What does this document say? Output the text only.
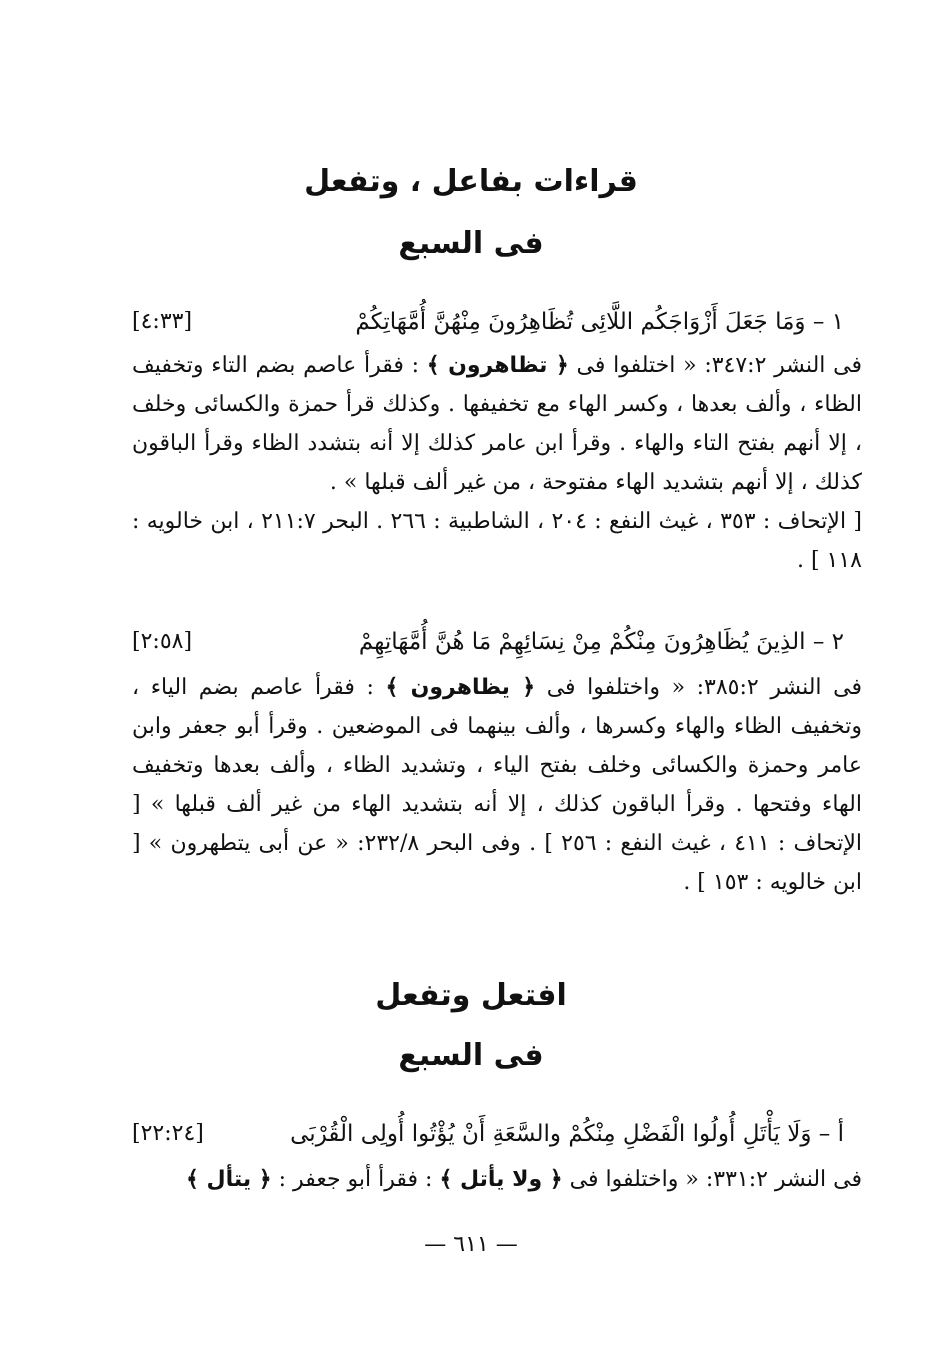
قراءات بفاعل ، وتفعل
فى السبع
١ – وَمَا جَعَلَ أَزْوَاجَكُم اللَّائِى تُظَاهِرُونَ مِنْهُنَّ أُمَّهَاتِكُمْ
[٤:٣٣]

فى النشر ٣٤٧:٢: « اختلفوا فى ﴿ تظاهرون ﴾ : فقرأ عاصم بضم التاء وتخفيف الظاء ، وألف بعدها ، وكسر الهاء مع تخفيفها . وكذلك قرأ حمزة والكسائى وخلف ، إلا أنهم بفتح التاء والهاء . وقرأ ابن عامر كذلك إلا أنه بتشدد الظاء وقرأ الباقون كذلك ، إلا أنهم بتشديد الهاء مفتوحة ، من غير ألف قبلها » .

[ الإتحاف : ٣٥٣ ، غيث النفع : ٢٠٤ ، الشاطبية : ٢٦٦ . البحر ٢١١:٧ ، ابن خالويه : ١١٨ ] .

٢ – الذِينَ يُظَاهِرُونَ مِنْكُمْ مِنْ نِسَائِهِمْ مَا هُنَّ أُمَّهَاتِهِمْ
[٢:٥٨]

فى النشر ٣٨٥:٢: « واختلفوا فى ﴿ يظاهرون ﴾ : فقرأ عاصم بضم الياء ، وتخفيف الظاء والهاء وكسرها ، وألف بينهما فى الموضعين . وقرأ أبو جعفر وابن عامر وحمزة والكسائى وخلف بفتح الياء ، وتشديد الظاء ، وألف بعدها وتخفيف الهاء وفتحها . وقرأ الباقون كذلك ، إلا أنه بتشديد الهاء من غير ألف قبلها » [ الإتحاف : ٤١١ ، غيث النفع : ٢٥٦ ] . وفى البحر ٢٣٢/٨: « عن أبى يتطهرون » [ ابن خالويه : ١٥٣ ] .

افتعل وتفعل
فى السبع
أ – وَلَا يَأْتَلِ أُولُوا الْفَضْلِ مِنْكُمْ والسَّعَةِ أَنْ يُؤْتُوا أُولِى الْقُرْبَى
[٢٢:٢٤]

فى النشر ٣٣١:٢: « واختلفوا فى ﴿ ولا يأتل ﴾ : فقرأ أبو جعفر : ﴿ يتأل ﴾

— ٦١١ —
